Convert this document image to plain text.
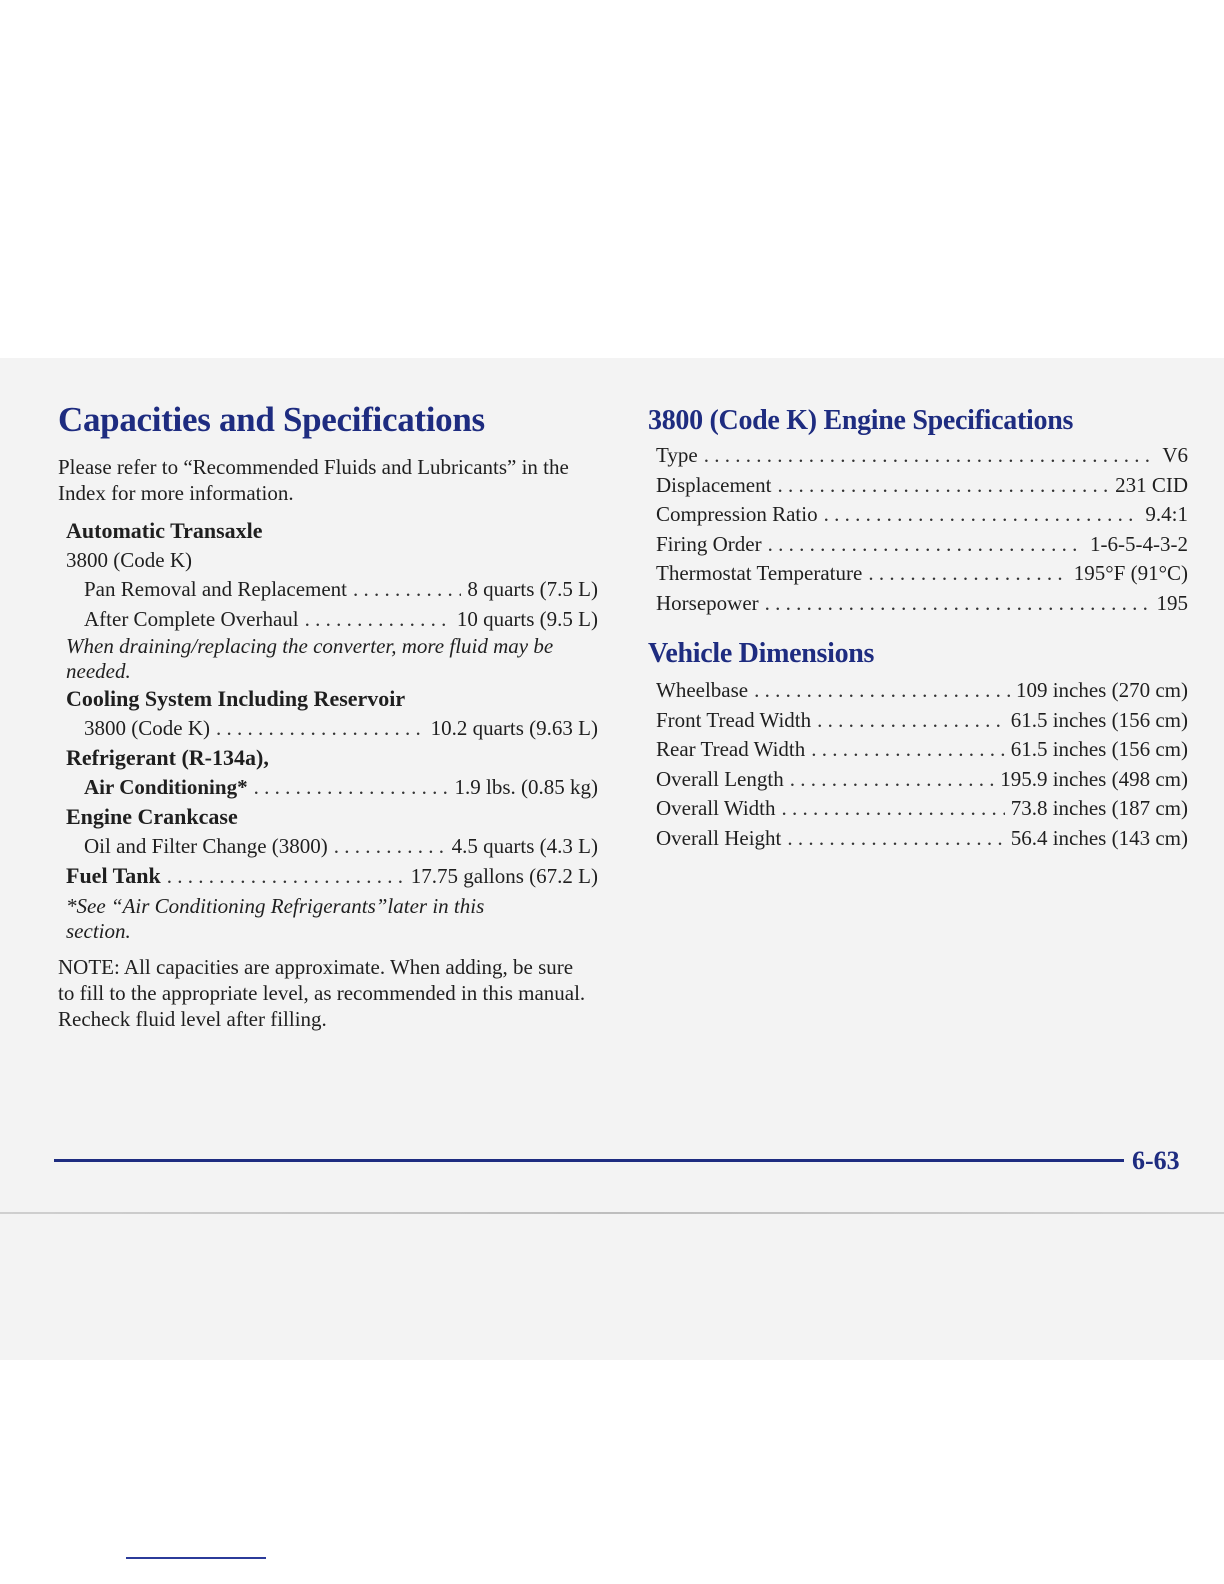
Capacities and Specifications

Please refer to “Recommended Fluids and Lubricants” in the Index for more information.

Automatic Transaxle
3800 (Code K)
Pan Removal and Replacement . . .	8 quarts (7.5 L)
After Complete Overhaul . . .	10 quarts (9.5 L)

When draining/replacing the converter, more fluid may be needed.

Cooling System Including Reservoir
3800 (Code K) . . .	10.2 quarts (9.63 L)
Refrigerant (R-134a),
Air Conditioning* . . .	1.9 lbs. (0.85 kg)
Engine Crankcase
Oil and Filter Change (3800) . . .	4.5 quarts (4.3 L)
Fuel Tank . . .	17.75 gallons (67.2 L)

*See “Air Conditioning Refrigerants”later in this section.

NOTE: All capacities are approximate. When adding, be sure to fill to the appropriate level, as recommended in this manual. Recheck fluid level after filling.

3800 (Code K) Engine Specifications
Type . . .	V6
Displacement . . .	231 CID
Compression Ratio . . .	9.4:1
Firing Order . . .	1-6-5-4-3-2
Thermostat Temperature . . .	195°F (91°C)
Horsepower . . .	195
Vehicle Dimensions
Wheelbase . . .	109 inches (270 cm)
Front Tread Width . . .	61.5 inches (156 cm)
Rear Tread Width . . .	61.5 inches (156 cm)
Overall Length . . .	195.9 inches (498 cm)
Overall Width . . .	73.8 inches (187 cm)
Overall Height . . .	56.4 inches (143 cm)
6-63
